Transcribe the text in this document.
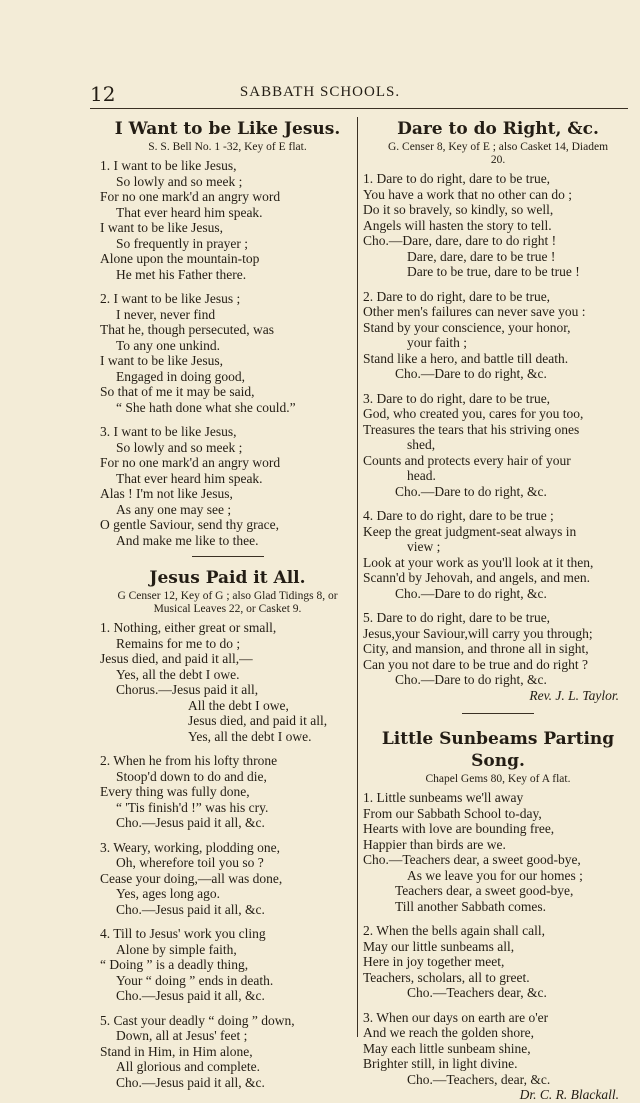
12	SABBATH SCHOOLS.
I Want to be Like Jesus.
S. S. Bell No. 1 -32, Key of E flat.
1. I want to be like Jesus,
So lowly and so meek ;
For no one mark'd an angry word
That ever heard him speak.
I want to be like Jesus,
So frequently in prayer ;
Alone upon the mountain-top
He met his Father there.
2. I want to be like Jesus ;
I never, never find
That he, though persecuted, was
To any one unkind.
I want to be like Jesus,
Engaged in doing good,
So that of me it may be said,
“ She hath done what she could.”
3. I want to be like Jesus,
So lowly and so meek ;
For no one mark'd an angry word
That ever heard him speak.
Alas ! I'm not like Jesus,
As any one may see ;
O gentle Saviour, send thy grace,
And make me like to thee.
Jesus Paid it All.
G Censer 12, Key of G ; also Glad Tidings 8, or
Musical Leaves 22, or Casket 9.
1. Nothing, either great or small,
Remains for me to do ;
Jesus died, and paid it all,—
Yes, all the debt I owe.
Chorus.—Jesus paid it all,
All the debt I owe,
Jesus died, and paid it all,
Yes, all the debt I owe.
2. When he from his lofty throne
Stoop'd down to do and die,
Every thing was fully done,
“ 'Tis finish'd !” was his cry.
Cho.—Jesus paid it all, &c.
3. Weary, working, plodding one,
Oh, wherefore toil you so ?
Cease your doing,—all was done,
Yes, ages long ago.
Cho.—Jesus paid it all, &c.
4. Till to Jesus' work you cling
Alone by simple faith,
“ Doing ” is a deadly thing,
Your “ doing ” ends in death.
Cho.—Jesus paid it all, &c.
5. Cast your deadly “ doing ” down,
Down, all at Jesus' feet ;
Stand in Him, in Him alone,
All glorious and complete.
Cho.—Jesus paid it all, &c.
Dare to do Right, &c.
G. Censer 8, Key of E ; also Casket 14, Diadem
20.
1. Dare to do right, dare to be true,
You have a work that no other can do ;
Do it so bravely, so kindly, so well,
Angels will hasten the story to tell.
Cho.—Dare, dare, dare to do right !
Dare, dare, dare to be true !
Dare to be true, dare to be true !
2. Dare to do right, dare to be true,
Other men's failures can never save you :
Stand by your conscience, your honor,
your faith ;
Stand like a hero, and battle till death.
Cho.—Dare to do right, &c.
3. Dare to do right, dare to be true,
God, who created you, cares for you too,
Treasures the tears that his striving ones
shed,
Counts and protects every hair of your
head.
Cho.—Dare to do right, &c.
4. Dare to do right, dare to be true ;
Keep the great judgment-seat always in
view ;
Look at your work as you'll look at it then,
Scann'd by Jehovah, and angels, and men.
Cho.—Dare to do right, &c.
5. Dare to do right, dare to be true,
Jesus,your Saviour,will carry you through;
City, and mansion, and throne all in sight,
Can you not dare to be true and do right ?
Cho.—Dare to do right, &c.
Rev. J. L. Taylor.
Little Sunbeams Parting Song.
Chapel Gems 80, Key of A flat.
1. Little sunbeams we'll away
From our Sabbath School to-day,
Hearts with love are bounding free,
Happier than birds are we.
Cho.—Teachers dear, a sweet good-bye,
As we leave you for our homes ;
Teachers dear, a sweet good-bye,
Till another Sabbath comes.
2. When the bells again shall call,
May our little sunbeams all,
Here in joy together meet,
Teachers, scholars, all to greet.
Cho.—Teachers dear, &c.
3. When our days on earth are o'er
And we reach the golden shore,
May each little sunbeam shine,
Brighter still, in light divine.
Cho.—Teachers, dear, &c.
Dr. C. R. Blackall.
